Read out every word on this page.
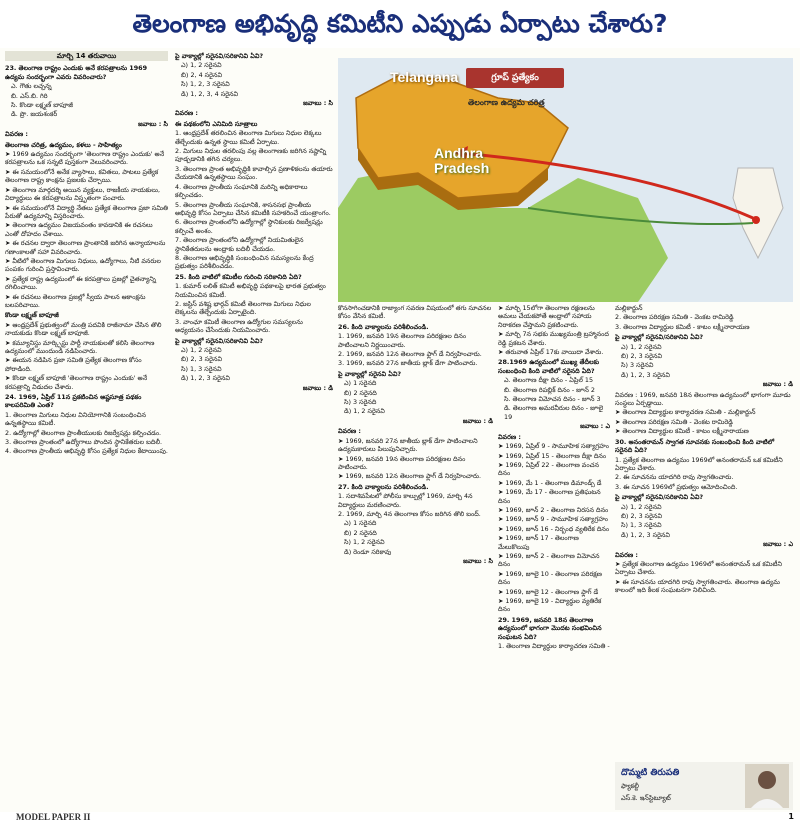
తెలంగాణ అభివృద్ధి కమిటీని ఎప్పుడు ఏర్పాటు చేశారు?
మార్చి 14 తరువాయి
23. తెలంగాణ రాష్ట్రం ఎందుకు అనే కరపత్రాలను 1969 ఉద్యమ సందర్భంగా ఎవరు వివరించారు?
ఎ. గౌతు లచ్చన్న
బి. ఎస్.బి. గిరి
సి. కొండా లక్ష్మణ్ బాపూజీ
డి. ప్రొ. జయశంకర్
జవాబు : సి
వివరణ :
తెలంగాణ చరిత్ర, ఉద్యమం, కళలు - సాహిత్యం
➤ 1969 ఉద్యమం సందర్భంగా 'తెలంగాణ రాష్ట్రం ఎందుకు' అనే కరపత్రాలను ఒక సన్నటి పుస్తకంగా వెలువరించారు.
➤ ఈ సమయంలోనే అనేక వ్యాసాలు, కవితలు, పాటలు ప్రత్యేక తెలంగాణ రాష్ట్ర కాంక్షను ప్రజలకు చేర్చాయి.
➤ తెలంగాణ మార్గదర్శి అయిన వ్యక్తులు, రాజకీయ నాయకులు, విద్యార్థులు ఈ కరపత్రాలను విస్తృతంగా పంచారు.
➤ ఈ సమయంలోనే విద్యార్థి నేతలు ప్రత్యేక తెలంగాణ ప్రజా సమితి పేరుతో ఉద్యమాన్ని విస్తరించారు.
➤ తెలంగాణ ఉద్యమం విజయవంతం కావడానికి ఈ రచనలు ఎంతో దోహదం చేశాయి.
➤ ఈ రచనల ద్వారా తెలంగాణ ప్రాంతానికి జరిగిన అన్యాయాలను గణాంకాలతో సహా వివరించారు.
➤ వీటిలో తెలంగాణ మిగులు నిధులు, ఉద్యోగాలు, నీటి వనరుల పంపకం గురించి ప్రస్తావించారు.
➤ ప్రత్యేక రాష్ట్ర ఉద్యమంలో ఈ కరపత్రాలు ప్రజల్లో చైతన్యాన్ని రగిలించాయి.
➤ ఈ రచనలు తెలంగాణ ప్రజల్లో స్వీయ పాలన ఆకాంక్షను బలపరిచాయి.
కొండా లక్ష్మణ్ బాపూజీ
➤ ఆంధ్రప్రదేశ్ ప్రభుత్వంలో మంత్రి పదవికి రాజీనామా చేసిన తొలి నాయకుడు కొండా లక్ష్మణ్ బాపూజీ.
➤ కమ్యూనిస్టు మార్క్సిస్టు పార్టీ నాయకులతో కలిసి తెలంగాణ ఉద్యమంలో ముందుండి నడిపించారు.
➤ ఈయన నడిపిన ప్రజా సమితి ప్రత్యేక తెలంగాణ కోసం పోరాడింది.
➤ కొండా లక్ష్మణ్ బాపూజీ 'తెలంగాణ రాష్ట్రం ఎందుకు' అనే కరపత్రాన్ని విడుదల చేశారు.
24. 1969, ఏప్రిల్ 11న ప్రకటించిన అష్టసూత్ర పథకం కాలపరిమితి ఎంత?
1. తెలంగాణ మిగులు నిధుల వినియోగానికి సంబంధించిన ఉన్నతస్థాయి కమిటీ.
2. ఉద్యోగాల్లో తెలంగాణ ప్రాంతీయులకు రిజర్వేషన్లు కల్పించడం.
3. తెలంగాణ ప్రాంతంలో ఉద్యోగాలు పొందిన స్థానికేతరుల బదిలీ.
4. తెలంగాణ ప్రాంతీయ అభివృద్ధి కోసం ప్రత్యేక నిధుల కేటాయింపు.
పై వాక్యాల్లో సరైనవి/సరికానివి ఏవి?
ఎ) 1, 2 సరైనవి
బి) 2, 4 సరైనవి
సి) 1, 2, 3 సరైనవి
డి) 1, 2, 3, 4 సరైనవి
జవాబు : సి
వివరణ :
ఈ పథకంలోని ఎనిమిది సూత్రాలు
1. ఆంధ్రప్రదేశ్ తరలించిన తెలంగాణ మిగులు నిధుల లెక్కలు తేల్చేందుకు ఉన్నత స్థాయి కమిటీ ఏర్పాటు.
2. మిగులు నిధుల తరలింపు వల్ల తెలంగాణకు జరిగిన నష్టాన్ని పూడ్చడానికి తగిన చర్యలు.
3. తెలంగాణ ప్రాంత అభివృద్ధికి కావాల్సిన ప్రణాళికలను తయారు చేయడానికి ఉన్నతస్థాయి సంఘం.
4. తెలంగాణ ప్రాంతీయ సంఘానికి మరిన్ని అధికారాలు కల్పించడం.
5. తెలంగాణ ప్రాంతీయ సంఘానికి, శాసనసభ ప్రాంతీయ అభివృద్ధి కోసం ఏర్పాటు చేసిన కమిటీకి సహకరించే యంత్రాంగం.
6. తెలంగాణ ప్రాంతంలోని ఉద్యోగాల్లో స్థానికులకు రిజర్వేషన్లు కల్పించే అంశం.
7. తెలంగాణ ప్రాంతంలోని ఉద్యోగాల్లో నియమితులైన స్థానికేతరులను ఆంధ్రాకు బదిలీ చేయడం.
8. తెలంగాణ అభివృద్ధికి సంబంధించిన సమస్యలను కేంద్ర ప్రభుత్వం పరిశీలించడం.
25. కింది వాటిలో కమిటీల గురించి సరికానిది ఏది?
1. కుమార్ లలిత్ కమిటీ అభివృద్ధి పథకాలపై భారత ప్రభుత్వం నియమించిన కమిటీ.
2. జస్టిస్ వశిష్ట భార్గవ్ కమిటీ తెలంగాణ మిగులు నిధుల లెక్కలను తేల్చేందుకు ఏర్పాటైంది.
3. వాంఛూ కమిటీ తెలంగాణ ఉద్యోగుల సమస్యలను అధ్యయనం చేసేందుకు నియమించారు.
పై వాక్యాల్లో సరైనవి/సరికానివి ఏవి?
ఎ) 1, 2 సరైనవి
బి) 2, 3 సరైనవి
సి) 1, 3 సరైనవి
డి) 1, 2, 3 సరైనవి
జవాబు : డి
గ్రూప్ ప్రత్యేకం
తెలంగాణ ఉద్యమ చరిత్ర
Telangana
Andhra
Pradesh
కొనసాగించడానికి రాజ్యాంగ సవరణ విషయంలో తగు సూచనల కోసం వేసిన కమిటీ.
26. కింది వాక్యాలను పరిశీలించండి.
1. 1969, జనవరి 19న తెలంగాణ పరిరక్షణల దినం పాటించాలని నిర్ణయించారు.
2. 1969, జనవరి 12న తెలంగాణ ఫ్లాగ్ డే నిర్వహించారు.
3. 1969, జనవరి 27న జాతీయ బ్లాక్ డేగా పాటించారు.
పై వాక్యాల్లో సరైనవి ఏవి?
ఎ) 1 సరైనది
బి) 2 సరైనది
సి) 3 సరైనది
డి) 1, 2 సరైనవి
జవాబు : డి
వివరణ :
➤ 1969, జనవరి 27న జాతీయ బ్లాక్ డేగా పాటించాలని ఉద్యమకారులు పిలుపునిచ్చారు.
➤ 1969, జనవరి 19న తెలంగాణ పరిరక్షణల దినం పాటించారు.
➤ 1969, జనవరి 12న తెలంగాణ ఫ్లాగ్ డే నిర్వహించారు.
27. కింది వాక్యాలను పరిశీలించండి.
1. సదాశివపేటలో పోలీసు కాల్పుల్లో 1969, మార్చి 4న విద్యార్థులు మరణించారు.
2. 1969, మార్చి 4న తెలంగాణ కోసం జరిగిన తొలి బంద్.
ఎ) 1 సరైనది
బి) 2 సరైనది
సి) 1, 2 సరైనవి
డి) రెండూ సరికావు
జవాబు : సి
➤ మార్చి 15లోగా తెలంగాణ రక్షణలను అమలు చేయకపోతే ఆంధ్రాలో సహాయ నిరాకరణ చేస్తామని ప్రకటించారు.
➤ మార్చి 7న సభకు ముఖ్యమంత్రి బ్రహ్మానంద రెడ్డి ప్రకటన చేశారు.
➤ తరువాత ఏప్రిల్ 17కు వాయిదా వేశారు.
28.1969 ఉద్యమంలో ముఖ్య తేదీలకు సంబంధించి కింది వాటిలో సరైనది ఏది?
ఎ. తెలంగాణ దీక్షా దినం - ఏప్రిల్ 15
బి. తెలంగాణ రిపబ్లిక్ దినం - జూన్ 2
సి. తెలంగాణ విమోచన దినం - జూన్ 3
డి. తెలంగాణ అమరవీరుల దినం - జూలై 19
జవాబు : ఎ
వివరణ :
➤ 1969, ఏప్రిల్ 9 - సామూహిక సత్యాగ్రహం
➤ 1969, ఏప్రిల్ 15 - తెలంగాణ దీక్షా దినం
➤ 1969, ఏప్రిల్ 22 - తెలంగాణ వంచన దినం
➤ 1969, మే 1 - తెలంగాణ డిమాండ్స్ డే
➤ 1969, మే 17 - తెలంగాణ ప్రతిఘటన దినం
➤ 1969, జూన్ 2 - తెలంగాణ నిరసన దినం
➤ 1969, జూన్ 9 - సామూహిక సత్యాగ్రహం
➤ 1969, జూన్ 16 - నిర్బంధ వ్యతిరేక దినం
➤ 1969, జూన్ 17 - తెలంగాణ మేలుకొలుపు
➤ 1969, జూన్ 2 - తెలంగాణ విమోచన దినం
➤ 1969, జూలై 10 - తెలంగాణ పరిరక్షణ దినం
➤ 1969, జూలై 12 - తెలంగాణ ఫ్లాగ్ డే
➤ 1969, జూలై 19 - విద్యార్థుల వ్యతిరేక దినం
29. 1969, జనవరి 18న తెలంగాణ ఉద్యమంలో భాగంగా మొదట సంభవించిన సంఘటన ఏది?
1. తెలంగాణ విద్యార్థుల కార్యాచరణ సమితి -
మల్లికార్జున్
2. తెలంగాణ పరిరక్షణ సమితి - వెంకట రామిరెడ్డి
3. తెలంగాణ విద్యార్థుల కమిటీ - కాటం లక్ష్మీనారాయణ
పై వాక్యాల్లో సరైనవి/సరికానివి ఏవి?
ఎ) 1, 2 సరైనవి
బి) 2, 3 సరైనవి
సి) 3 సరైనవి
డి) 1, 2, 3 సరైనవి
జవాబు : డి
వివరణ : 1969, జనవరి 18న తెలంగాణ ఉద్యమంలో భాగంగా మూడు సంస్థలు ఏర్పడ్డాయి.
➤ తెలంగాణ విద్యార్థుల కార్యాచరణ సమితి - మల్లికార్జున్
➤ తెలంగాణ పరిరక్షణ సమితి - వెంకట రామిరెడ్డి
➤ తెలంగాణ విద్యార్థుల కమిటీ - కాటం లక్ష్మీనారాయణ
30. అనంతరామన్ స్వాగత సూచనకు సంబంధించి కింది వాటిలో సరైనది ఏది?
1. ప్రత్యేక తెలంగాణ ఉద్యమం 1969లో అనంతరామన్ ఒక కమిటీని ఏర్పాటు చేశారు.
2. ఈ సూచనను యాదగిరి రావు స్వాగతించారు.
3. ఈ సూచన 1969లో ప్రభుత్వం ఆమోదించింది.
పై వాక్యాల్లో సరైనవి/సరికానివి ఏవి?
ఎ) 1, 2 సరైనవి
బి) 2, 3 సరైనవి
సి) 1, 3 సరైనవి
డి) 1, 2, 3 సరైనవి
జవాబు : ఎ
వివరణ :
➤ ప్రత్యేక తెలంగాణ ఉద్యమం 1969లో అనంతరామన్ ఒక కమిటీని ఏర్పాటు చేశారు.
➤ ఈ సూచనను యాదగిరి రావు స్వాగతించారు. తెలంగాణ ఉద్యమ కాలంలో ఇది కీలక సంఘటనగా నిలిచింది.
దొమ్మటి తిరుపతి
ఫ్యాకల్టీ
ఎస్.కె. ఇన్‌స్టిట్యూట్
MODEL PAPER II	1
